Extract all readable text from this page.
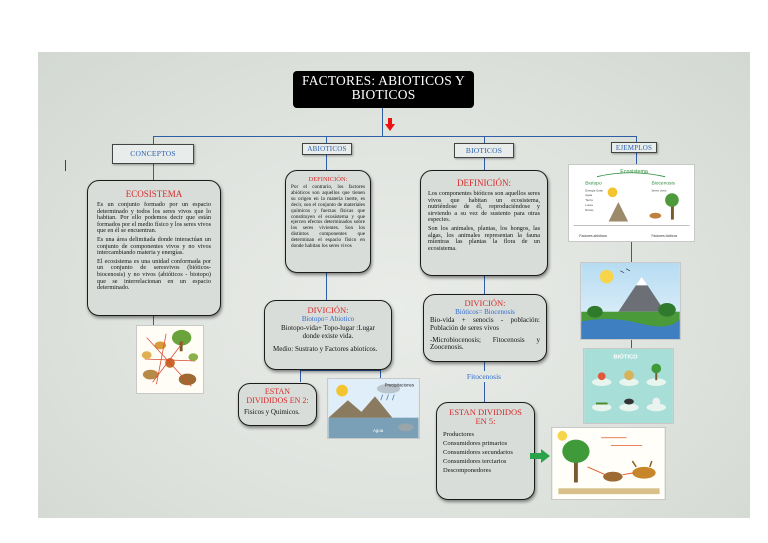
FACTORES: ABIOTICOS Y BIOTICOS
CONCEPTOS	ABIOTICOS	BIOTICOS	EJEMPLOS
ECOSISTEMA

Es un conjunto formado por un espacio determinado y todos los seres vivos que lo habitan. Por ello podemos decir que están formados por el medio físico y los seres vivos que en él se encuentran.

Es una área delimitada donde interactúan un conjunto de componentes vivos y no vivos intercambiando materia y energías.

El ecosistema es una unidad conformada por un conjunto de seresvivos (bióticos-biocenosis) y no vivos (abióticos - biotopo) que se interrelacionan en un espacio determinado.

DEFINICIÓN:
Por el contrario, los factores abióticos son aquellos que tienen su origen en la materia inerte, es decir, son el conjunto de materiales químicos y fuerzas físicas que constituyen el ecosistema y que ejercen efectos determinados sobre los seres vivientes. Son los distintos componentes que determinan el espacio físico en donde habitan los seres vivos
DIVICIÓN:
Biotopo= Abiotico
Biotopo-vida+ Topo-lugar :Lugar donde existe vida.
Medio: Sustrato y Factores abioticos.
ESTAN DIVIDIDOS EN 2:
Fisicos y Quimicos.
DEFINICIÓN:

Los componentes bióticos son aquellos seres vivos que habitan un ecosistema, nutriéndose de él, reproduciéndose y sirviendo a su vez de sustento para otras especies.

Son los animales, plantas, los hongos, las algas, los animales representan la fauna mientras las plantas la flora de un ecosistema.

DIVICIÓN:
Bióticos= Biocenosis
Bio-vida + senocis - población: Población de seres vivos
-Microbiocenosis; Fitocenosis y Zoocenosis.
Fitocenosis
ESTAN DIVIDIDOS EN 5:
Productores
Consumidores primarios
Consumidores secundarios
Consumidores terciarios
Descomponedores
Precipitaciones
Agua
Ecosistema
Biotopo	Biocenosis
Energía Solar
Agua
Tierra
Luces
Rocas
Seres vivos
Factores abióticos	Factores bióticos
BIÓTICO
